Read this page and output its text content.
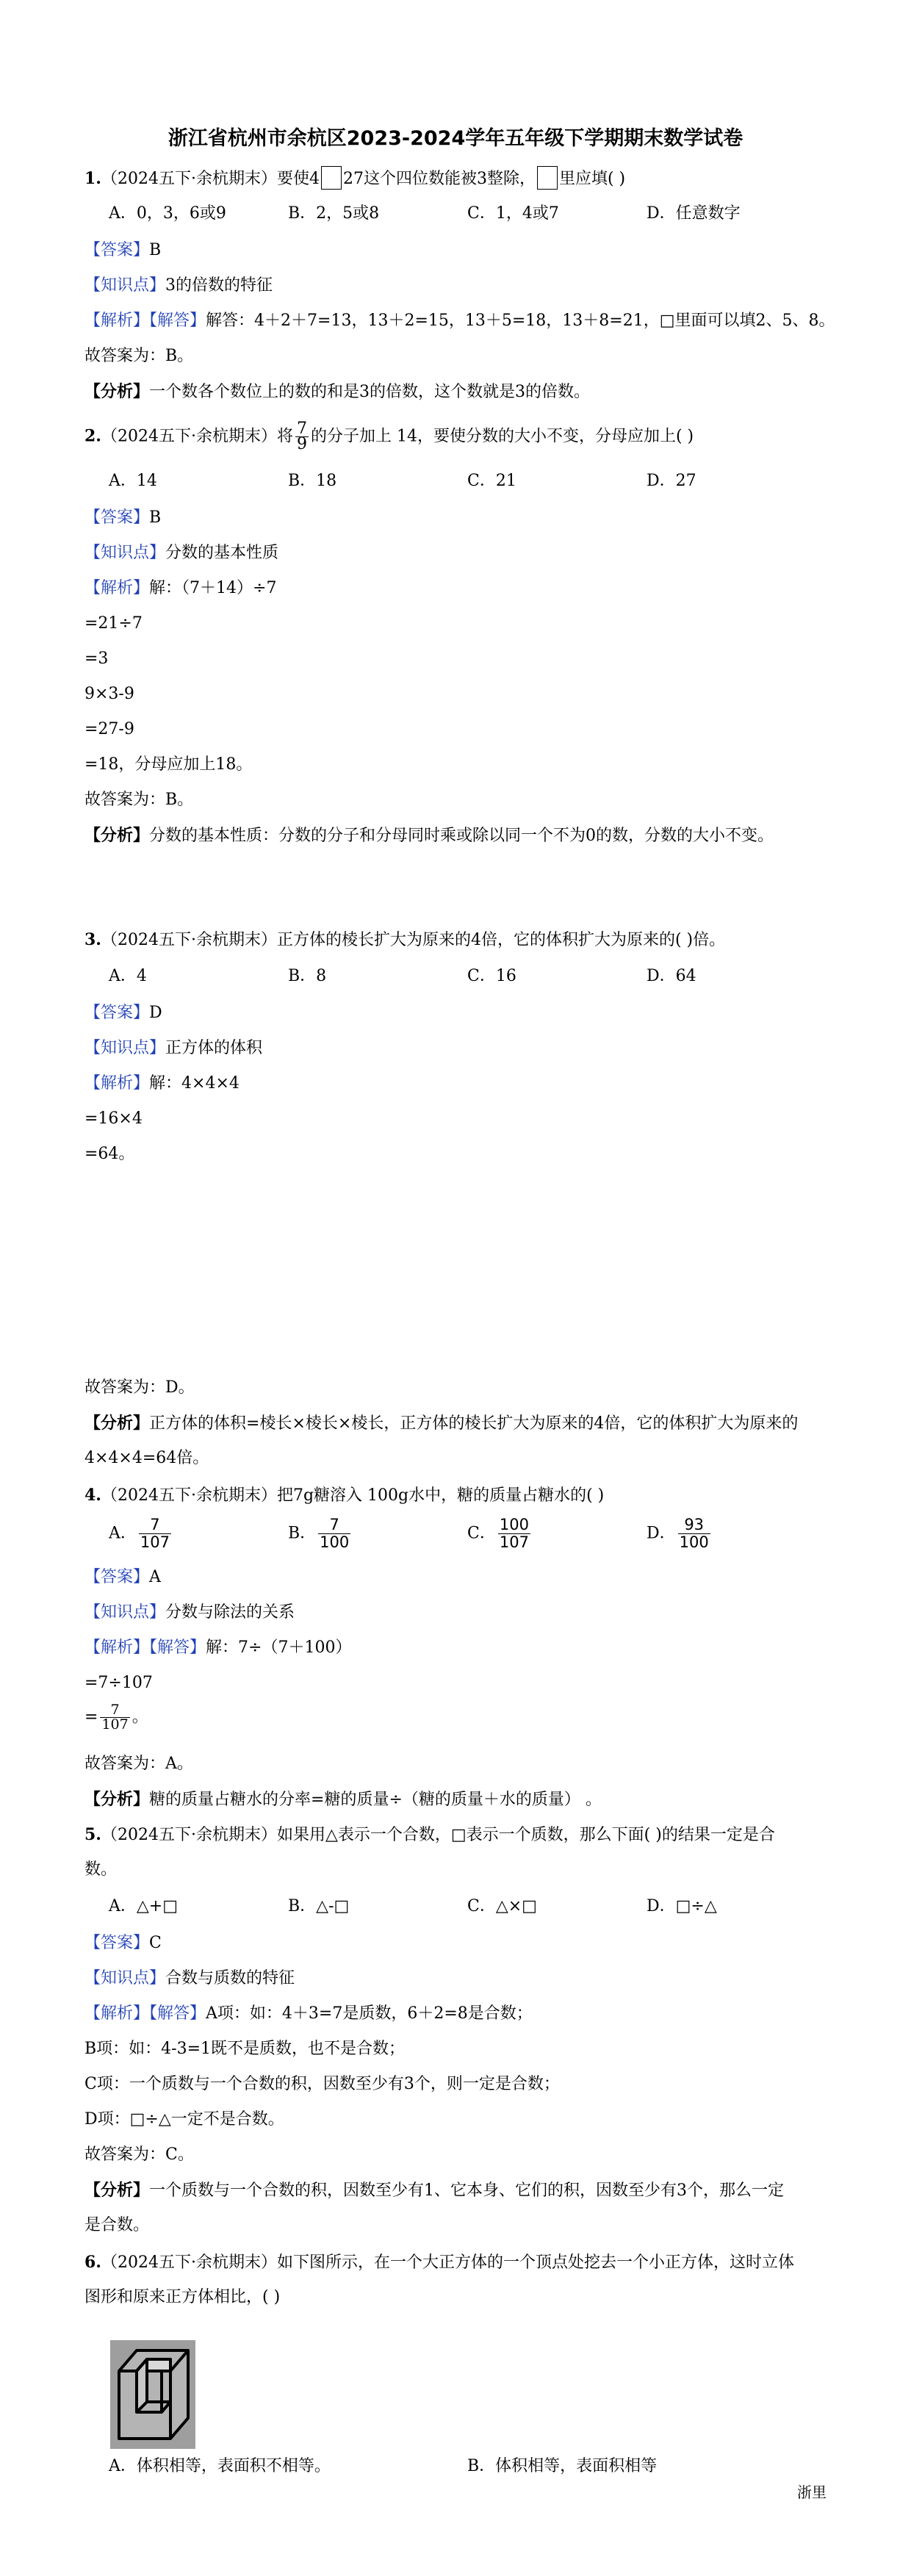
浙江省杭州市余杭区2023-2024学年五年级下学期期末数学试卷
1.（2024五下·余杭期末）要使4 27这个四位数能被3整除， 里应填( )
A．0，3，6或9	B．2，5或8	C．1，4或7	D．任意数字
【答案】B
【知识点】3的倍数的特征
【解析】【解答】解答：4＋2＋7=13，13＋2=15，13＋5=18，13＋8=21，□里面可以填2、5、8。
故答案为：B。
【分析】一个数各个数位上的数的和是3的倍数，这个数就是3的倍数。
2.（2024五下·余杭期末）将 $\frac{7}{9}$ 的分子加上 14，要使分数的大小不变，分母应加上( )
A．14	B．18	C．21	D．27
【答案】B
【知识点】分数的基本性质
【解析】解：（7＋14）÷7
=21÷7
=3
9×3-9
=27-9
=18，分母应加上18。
故答案为：B。
【分析】分数的基本性质：分数的分子和分母同时乘或除以同一个不为0的数，分数的大小不变。
3.（2024五下·余杭期末）正方体的棱长扩大为原来的4倍，它的体积扩大为原来的( )倍。
A．4	B．8	C．16	D．64
【答案】D
【知识点】正方体的体积
【解析】解：4×4×4
=16×4
=64。
故答案为：D。
【分析】正方体的体积=棱长×棱长×棱长，正方体的棱长扩大为原来的4倍，它的体积扩大为原来的
4×4×4=64倍。
4.（2024五下·余杭期末）把7g糖溶入 100g水中，糖的质量占糖水的( )
A． $\frac{7}{107}$	B． $\frac{7}{100}$	C． $\frac{100}{107}$	D． $\frac{93}{100}$
【答案】A
【知识点】分数与除法的关系
【解析】【解答】解：7÷（7＋100）
=7÷107
= $\frac{7}{107}$ 。
故答案为：A。
【分析】糖的质量占糖水的分率=糖的质量÷（糖的质量＋水的质量） 。
5.（2024五下·余杭期末）如果用△表示一个合数，□表示一个质数，那么下面( )的结果一定是合
数。
A．△+□	B．△-□	C．△×□	D．□÷△
【答案】C
【知识点】合数与质数的特征
【解析】【解答】A项：如：4＋3=7是质数，6＋2=8是合数；
B项：如：4-3=1既不是质数，也不是合数；
C项：一个质数与一个合数的积，因数至少有3个，则一定是合数；
D项：□÷△一定不是合数。
故答案为：C。
【分析】一个质数与一个合数的积，因数至少有1、它本身、它们的积，因数至少有3个，那么一定
是合数。
6.（2024五下·余杭期末）如下图所示，在一个大正方体的一个顶点处挖去一个小正方体，这时立体
图形和原来正方体相比，( )
A．体积相等，表面积不相等。	B．体积相等，表面积相等
浙里
